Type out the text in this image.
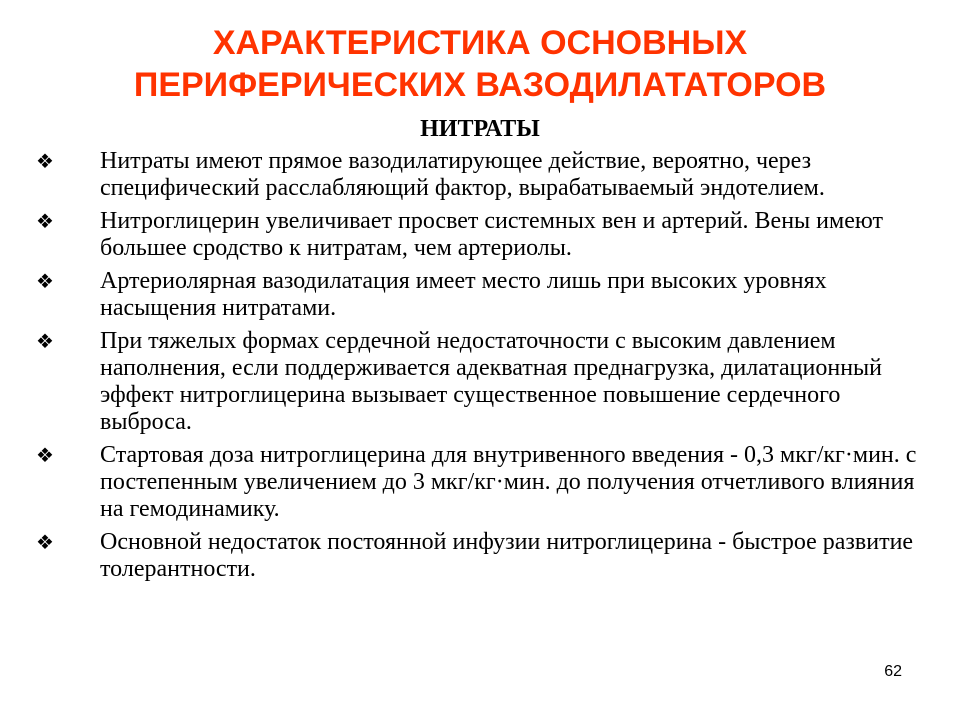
ХАРАКТЕРИСТИКА ОСНОВНЫХ
ПЕРИФЕРИЧЕСКИХ ВАЗОДИЛАТАТОРОВ
НИТРАТЫ
❖	Нитраты имеют прямое вазодилатирующее действие, вероятно, через специфический расслабляющий фактор, вырабатываемый эндотелием.
❖	Нитроглицерин увеличивает просвет системных вен и артерий. Вены имеют большее сродство к нитратам, чем артериолы.
❖	Артериолярная вазодилатация имеет место лишь при высоких уровнях насыщения нитратами.
❖	При тяжелых формах сердечной недостаточности с высоким давлением наполнения, если поддерживается адекватная преднагрузка, дилатационный эффект нитроглицерина вызывает существенное повышение сердечного выброса.
❖	Стартовая доза нитроглицерина для внутривенного введения - 0,3 мкг/кг·мин. с постепенным увеличением до 3 мкг/кг·мин. до получения отчетливого влияния на гемодинамику.
❖	Основной недостаток постоянной инфузии нитроглицерина - быстрое развитие толерантности.
62
